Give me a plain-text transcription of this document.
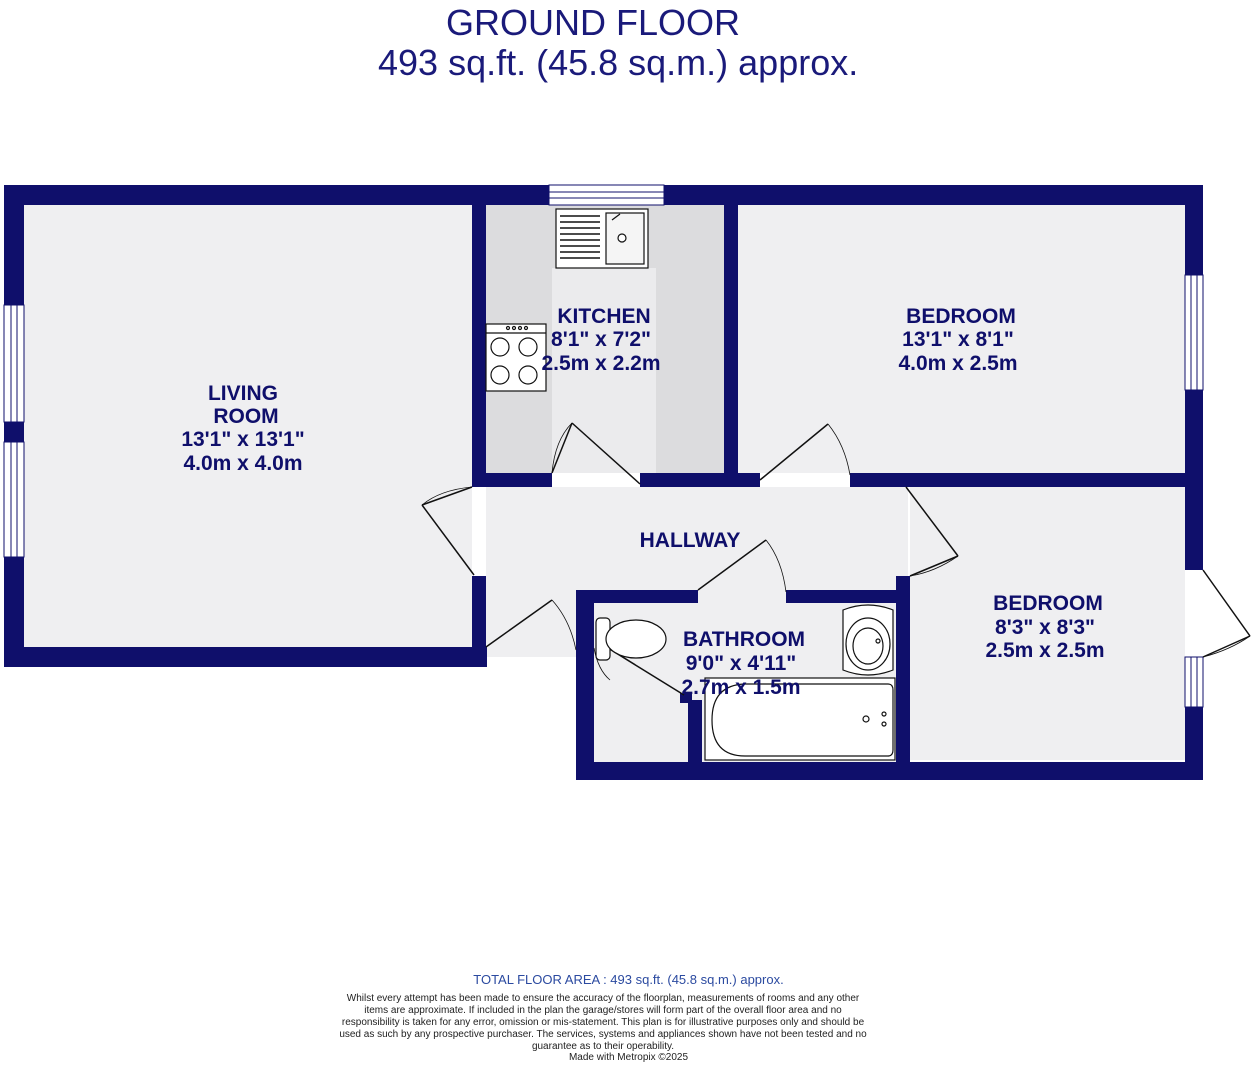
GROUND FLOOR
493 sq.ft. (45.8 sq.m.) approx.
LIVING
ROOM
13'1" x 13'1"
4.0m x 4.0m
KITCHEN
8'1" x 7'2"
2.5m x 2.2m
BEDROOM
13'1" x 8'1"
4.0m x 2.5m
HALLWAY
BEDROOM
8'3" x 8'3"
2.5m x 2.5m
BATHROOM
9'0" x 4'11"
2.7m x 1.5m
TOTAL FLOOR AREA : 493 sq.ft. (45.8 sq.m.) approx.
Whilst every attempt has been made to ensure the accuracy of the floorplan, measurements of rooms and any other items are approximate. If included in the plan the garage/stores will form part of the overall floor area and no responsibility is taken for any error, omission or mis-statement. This plan is for illustrative purposes only and should be used as such by any prospective purchaser. The services, systems and appliances shown have not been tested and no guarantee as to their operability.
Made with Metropix ©2025
